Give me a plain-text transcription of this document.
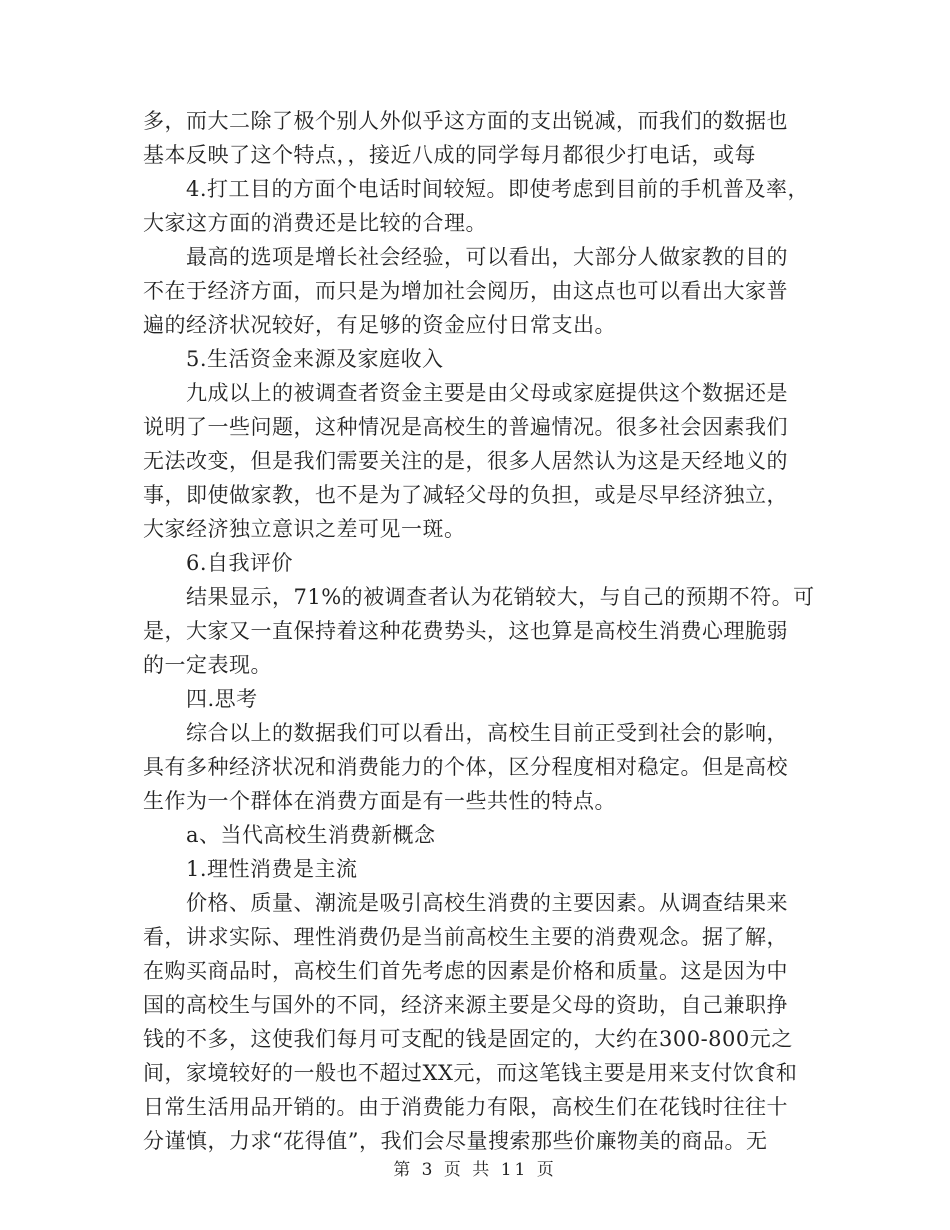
多，而大二除了极个别人外似乎这方面的支出锐减，而我们的数据也
基本反映了这个特点，，接近八成的同学每月都很少打电话，或每
4.打工目的方面个电话时间较短。即使考虑到目前的手机普及率，
大家这方面的消费还是比较的合理。
最高的选项是增长社会经验，可以看出，大部分人做家教的目的
不在于经济方面，而只是为增加社会阅历，由这点也可以看出大家普
遍的经济状况较好，有足够的资金应付日常支出。
5.生活资金来源及家庭收入
九成以上的被调查者资金主要是由父母或家庭提供这个数据还是
说明了一些问题，这种情况是高校生的普遍情况。很多社会因素我们
无法改变，但是我们需要关注的是，很多人居然认为这是天经地义的
事，即使做家教，也不是为了减轻父母的负担，或是尽早经济独立，
大家经济独立意识之差可见一斑。
6.自我评价
结果显示，71%的被调查者认为花销较大，与自己的预期不符。可
是，大家又一直保持着这种花费势头，这也算是高校生消费心理脆弱
的一定表现。
四.思考
综合以上的数据我们可以看出，高校生目前正受到社会的影响，
具有多种经济状况和消费能力的个体，区分程度相对稳定。但是高校
生作为一个群体在消费方面是有一些共性的特点。
a、当代高校生消费新概念
1.理性消费是主流
价格、质量、潮流是吸引高校生消费的主要因素。从调查结果来
看，讲求实际、理性消费仍是当前高校生主要的消费观念。据了解，
在购买商品时，高校生们首先考虑的因素是价格和质量。这是因为中
国的高校生与国外的不同，经济来源主要是父母的资助，自己兼职挣
钱的不多，这使我们每月可支配的钱是固定的，大约在300-800元之
间，家境较好的一般也不超过XX元，而这笔钱主要是用来支付饮食和
日常生活用品开销的。由于消费能力有限，高校生们在花钱时往往十
分谨慎，力求“花得值”，我们会尽量搜索那些价廉物美的商品。无
第 3 页 共 11 页
